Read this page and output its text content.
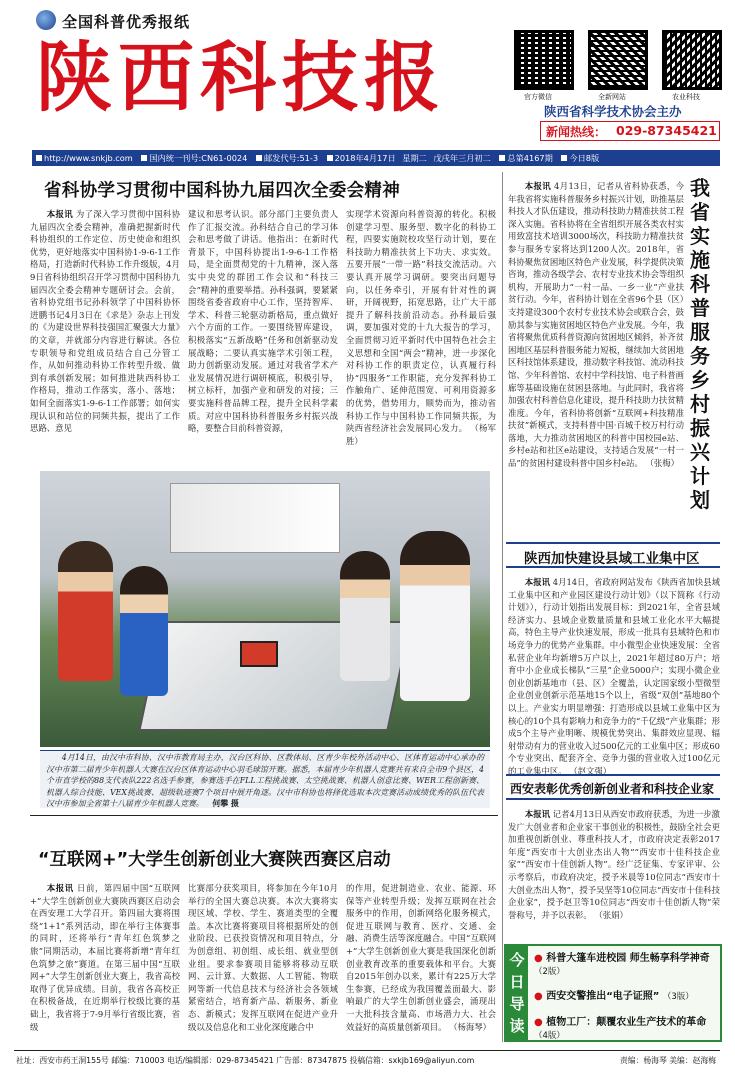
全国科普优秀报纸
陕西科技报	官方微信	全新网站	农业科技
陕西省科学技术协会主办
新闻热线： 029-87345421
http://www.snkjb.com 国内统一刊号:CN61-0024 邮发代号:51-3 2018年4月17日 星期二 戊戌年三月初二 总第4167期 今日8版
省科协学习贯彻中国科协九届四次全委会精神

本报讯 为了深入学习贯彻中国科协九届四次全委会精神，准确把握新时代科协组织的工作定位、历史使命和组织优势，更好地落实中国科协1-9-6-1工作格局，打造新时代科协工作升级版，4月9日省科协组织召开学习贯彻中国科协九届四次全委会精神专题研讨会。会前，省科协党组书记孙科领学了中国科协怀进鹏书记4月3日在《求是》杂志上刊发的《为建设世界科技强国汇聚强大力量》的文章，并就部分内容进行解读。各位专职领导和党组成员结合自己分管工作，从如何推动科协工作转型升级、做到有承创新发展；如何推进陕西科协工作格局，推动工作落实，落小、落地；如何全面落实1-9-6-1工作部署；如何实现认识和站位的同频共振，提出了工作思路、意见

建议和思考认识。部分部门主要负责人作了汇报交流。孙科结合自己的学习体会和思考做了讲话。他指出：在新时代背景下，中国科协提出1-9-6-1工作格局，是全面贯彻党的十九精神，深入落实中央党的群团工作会议和“科技三会”精神的重要举措。孙科强调，要紧紧围绕省委省政府中心工作，坚持智库、学术、科普三轮驱动新格局，重点做好六个方面的工作。一要围绕智库建设，积极落实“五新战略”任务和创新驱动发展战略；二要认真实施学术引领工程，助力创新驱动发展。通过对我省学术产业发展情况进行调研模底，积极引导，树立标杆，加强产业和研发的对接；三要实施科普品牌工程，提升全民科学素质。对应中国科协科普服务乡村振兴战略，要整合目前科普资源，

实现学术资源向科普资源的转化。积极创建学习型、服务型、数字化的科协工程，四要实施院校攻坚行动计划，要在科技助力精准扶贫上下功夫、求实效。五要开展“一带一路”科技交流活动。六要认真开展学习调研。要突出问题导向，以任务牵引，开展有针对性的调研，开阔视野，拓宽思路，让广大干部提升了解科技前沿动态。孙科最后强调，要加强对党的十九大报告的学习，全面贯彻习近平新时代中国特色社会主义思想和全国“两会”精神，进一步深化对科协工作的职责定位，认真履行科协“四服务”工作职能，充分发挥科协工作触角广、延伸范围宽、可利用资源多的优势，借势用力，顺势而为，推动省科协工作与中国科协工作同频共振，为陕西省经济社会发展同心发力。 （杨军胜）

4月14日，由汉中市科协、汉中市教育局主办，汉台区科协、区教体局、区青少年校外活动中心、区体育运动中心承办的汉中市第二届青少年机器人大赛在汉台区体育运动中心羽毛球馆开赛。据悉，本届青少年机器人竞赛共有来自全市9个县区，4个市直学校的88支代表队222名选手参赛，参赛选手在FLL工程挑战赛、太空挑战赛、机器人创意比赛、WER工程创新赛、机器人综合技能、VEX挑战赛、超级轨迹赛7个项目中展开角逐。汉中市科协也将择优选取本次竞赛活动成绩优秀的队伍代表汉中市参加全省第十八届青少年机器人竞赛。 何攀 摄

“互联网+”大学生创新创业大赛陕西赛区启动

本报讯 日前，第四届中国“互联网+”大学生创新创业大赛陕西赛区启动会在西安理工大学召开。第四届大赛将围绕“1+1”系列活动，即在举行主体赛事的同时，还将举行“青年红色筑梦之旅”同期活动，本届比赛将新增“青年红色筑梦之旅”赛道。在第三届中国“互联网+”大学生创新创业大赛上，我省高校取得了优异成绩。目前，我省各高校正在积极备战，在近期举行校级比赛的基础上，我省将于7-9月举行省级比赛，省级

比赛部分获奖项目，将参加在今年10月举行的全国大赛总决赛。本次大赛将实现区域、学校、学生、赛道类型的全覆盖。本次比赛将赛项目将根据所处的创业阶段、已获投资情况和项目特点，分为创意组、初创组、成长组、就业型创业组。要求参赛项目能够将移动互联网、云计算、大数据、人工智能、物联网等新一代信息技术与经济社会各领域紧密结合，培育新产品、新服务、新业态、新模式；发挥互联网在促进产业升级以及信息化和工业化深度融合中

的作用，促进制造业、农业、能源、环保等产业转型升级；发挥互联网在社会服务中的作用，创新网络化服务模式，促进互联网与教育、医疗、交通、金融、消费生活等深度融合。中国“互联网+”大学生创新创业大赛是我国深化创新创业教育改革的重要载体和平台。大赛自2015年创办以来，累计有225万大学生参赛，已经成为我国覆盖面最大、影响最广的大学生创新创业盛会，涌现出一大批科技含量高、市场潜力大、社会效益好的高质量创新项目。 （杨海琴）

本报讯 4月13日，记者从省科协获悉，今年我省将实施科普服务乡村振兴计划，助推基层科技人才队伍建设，推动科技助力精准扶贫工程深入实施。省科协将在全省组织开展各类农村实用致富技术培训3000场次，科技助力精准扶贫参与服务专家将达到1200人次。2018年，省科协聚焦贫困地区特色产业发展，科学提供决策咨询，推动各级学会、农村专业技术协会等组织机构，开展助力“一村一品、一乡一业”产业扶贫行动。今年，省科协计划在全省96个县（区）支持建设300个农村专业技术协会或联合会，鼓励其参与实施贫困地区特色产业发展。今年，我省将聚焦优质科普资源向贫困地区倾斜，补齐贫困地区基层科普服务能力短板，继续加大贫困地区科技馆体系建设，推动数字科技馆、流动科技馆、少年科普馆、农村中学科技馆、电子科普画廊等基础设施在贫困县落地。与此同时，我省将加强农村科普信息化建设，提升科技助力扶贫精准度。今年，省科协将创新“互联网+科技精准扶贫”新模式，支持科普中国·百城千校万村行动落地，大力推动贫困地区的科普中国校园e站、乡村e站和社区e站建设，支持适合发展“一村一品”的贫困村建设科普中国乡村e站。 （张梅）

我省实施科普服务乡村振兴计划
陕西加快建设县域工业集中区

本报讯 4月14日，省政府网站发布《陕西省加快县域工业集中区和产业园区建设行动计划》（以下简称《行动计划》），行动计划指出发展目标：到2021年，全省县域经济实力、县域企业数量质量和县域工业化水平大幅提高，特色主导产业快速发展，形成一批具有县域特色和市场竞争力的优势产业集群。中小微型企业快速发展：全省私营企业年均新增5万户以上，2021年超过80万户；培育中小企业成长梯队“三星”企业5000户；实现小微企业创业创新基地市（县、区）全覆盖，认定国家级小型微型企业创业创新示范基地15个以上，省级“双创”基地80个以上。产业实力明显增强：打造形成以县域工业集中区为核心的10个具有影响力和竞争力的“千亿级”产业集群；形成5个主导产业明晰、规模优势突出、集群效应显现、辐射带动有力的营业收入过500亿元的工业集中区；形成60个专业突出、配套齐全、竞争力强的营业收入过100亿元的工业集中区。 （赵文强）

西安表彰优秀创新创业者和科技企业家

本报讯 记者4月13日从西安市政府获悉，为进一步激发广大创业者和企业家干事创业的积极性，鼓励全社会更加重视创新创业、尊重科技人才，市政府决定表彰2017年度“西安市十大创业杰出人物”“西安市十佳科技企业家”“西安市十佳创新人物”。经广泛征集、专家评审、公示考察后，市政府决定，授予米晨等10位同志“西安市十大创业杰出人物”，授予吴坚等10位同志“西安市十佳科技企业家”，授予赵卫等10位同志“西安市十佳创新人物”荣誉称号，并予以表彰。 （张娟）

今日导读
● 科普大篷车进校园 师生畅享科学神奇 （2版）
● 西安交警推出“电子证照” （3版）
● 植物工厂：颠覆农业生产技术的革命 （4版）
社址：西安市药王洞155号 邮编：710003 电话/编辑部：029-87345421 广告部：87347875 投稿信箱：sxkjb169@aliyun.com	责编：杨海琴 美编：赵海梅
